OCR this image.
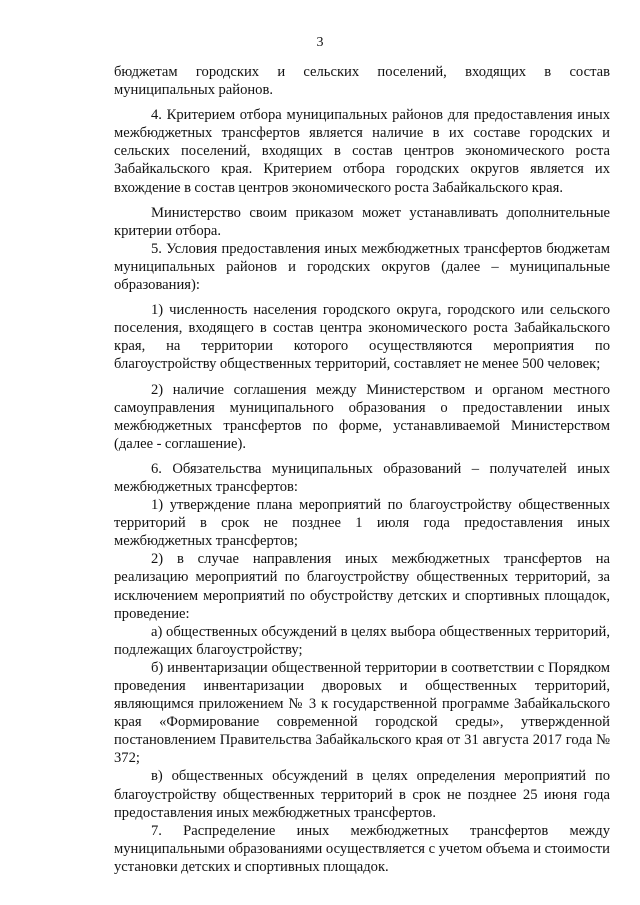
3

бюджетам городских и сельских поселений, входящих в состав муниципальных районов.

4. Критерием отбора муниципальных районов для предоставления иных межбюджетных трансфертов является наличие в их составе городских и сельских поселений, входящих в состав центров экономического роста Забайкальского края. Критерием отбора городских округов является их вхождение в состав центров экономического роста Забайкальского края.

Министерство своим приказом может устанавливать дополнительные критерии отбора.

5. Условия предоставления иных межбюджетных трансфертов бюджетам муниципальных районов и городских округов (далее – муниципальные образования):

1) численность населения городского округа, городского или сельского поселения, входящего в состав центра экономического роста Забайкальского края, на территории которого осуществляются мероприятия по благоустройству общественных территорий, составляет не менее 500 человек;

2) наличие соглашения между Министерством и органом местного самоуправления муниципального образования о предоставлении иных межбюджетных трансфертов по форме, устанавливаемой Министерством (далее - соглашение).

6. Обязательства муниципальных образований – получателей иных межбюджетных трансфертов:

1) утверждение плана мероприятий по благоустройству общественных территорий в срок не позднее 1 июля года предоставления иных межбюджетных трансфертов;

2) в случае направления иных межбюджетных трансфертов на реализацию мероприятий по благоустройству общественных территорий, за исключением мероприятий по обустройству детских и спортивных площадок, проведение:

а) общественных обсуждений в целях выбора общественных территорий, подлежащих благоустройству;

б) инвентаризации общественной территории в соответствии с Порядком проведения инвентаризации дворовых и общественных территорий, являющимся приложением № 3 к государственной программе Забайкальского края «Формирование современной городской среды», утвержденной постановлением Правительства Забайкальского края от 31 августа 2017 года № 372;

в) общественных обсуждений в целях определения мероприятий по благоустройству общественных территорий в срок не позднее 25 июня года предоставления иных межбюджетных трансфертов.

7. Распределение иных межбюджетных трансфертов между муниципальными образованиями осуществляется с учетом объема и стоимости установки детских и спортивных площадок.
